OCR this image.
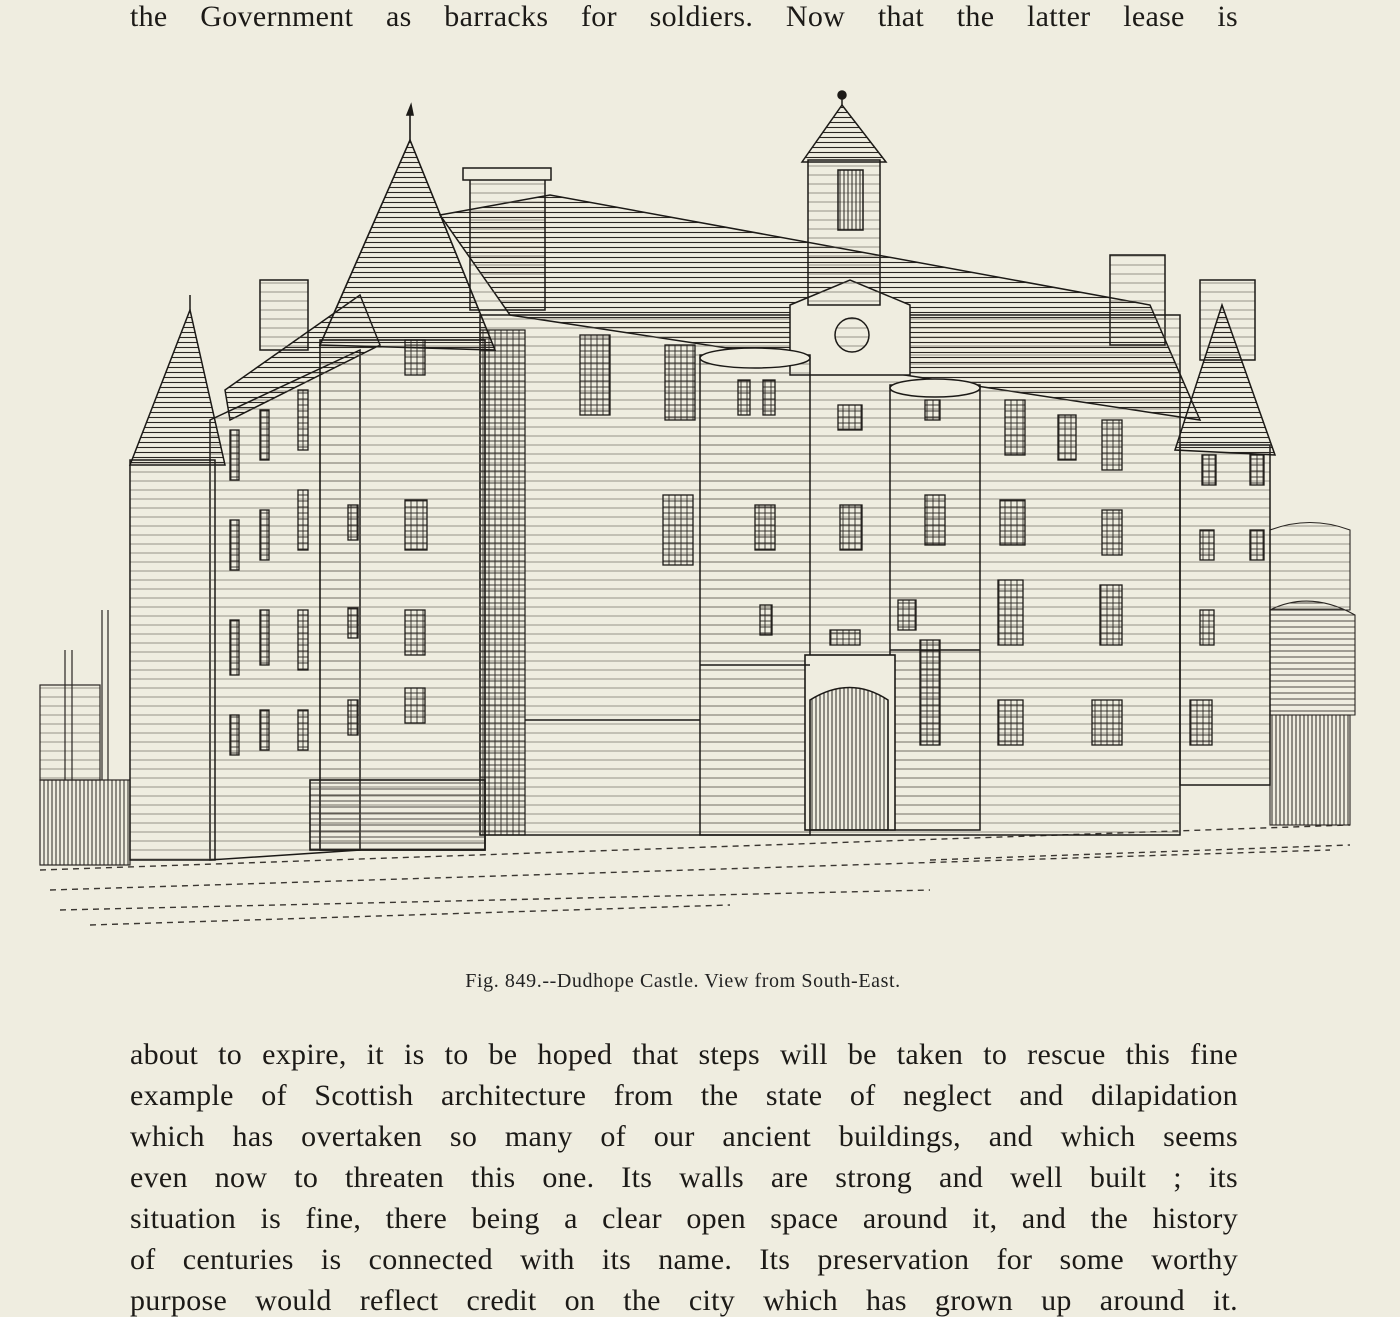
the Government as barracks for soldiers. Now that the latter lease is
Fig. 849.--Dudhope Castle. View from South-East.
about to expire, it is to be hoped that steps will be taken to rescue this fine
example of Scottish architecture from the state of neglect and dilapidation
which has overtaken so many of our ancient buildings, and which seems
even now to threaten this one. Its walls are strong and well built ; its
situation is fine, there being a clear open space around it, and the history
of centuries is connected with its name. Its preservation for some worthy
purpose would reflect credit on the city which has grown up around it.
